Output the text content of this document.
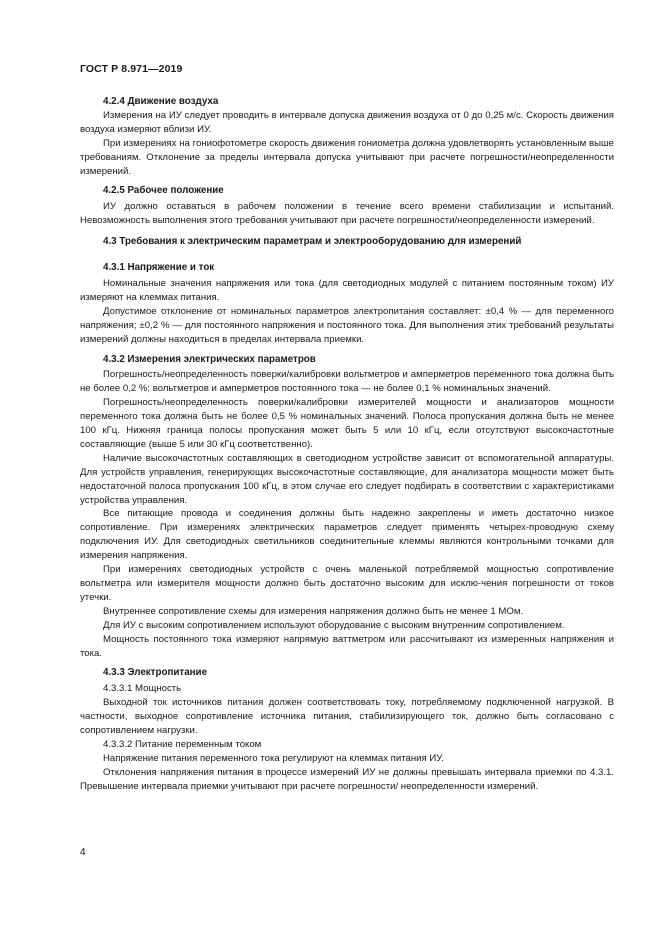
ГОСТ Р 8.971—2019
4.2.4 Движение воздуха

Измерения на ИУ следует проводить в интервале допуска движения воздуха от 0 до 0,25 м/с. Скорость движения воздуха измеряют вблизи ИУ.

При измерениях на гониофотометре скорость движения гониометра должна удовлетворять установленным выше требованиям. Отклонение за пределы интервала допуска учитывают при расчете погрешности/неопределенности измерений.

4.2.5 Рабочее положение

ИУ должно оставаться в рабочем положении в течение всего времени стабилизации и испытаний. Невозможность выполнения этого требования учитывают при расчете погрешности/неопределенности измерений.

4.3 Требования к электрическим параметрам и электрооборудованию для измерений
4.3.1 Напряжение и ток

Номинальные значения напряжения или тока (для светодиодных модулей с питанием постоянным током) ИУ измеряют на клеммах питания.

Допустимое отклонение от номинальных параметров электропитания составляет: ±0,4 % — для переменного напряжения; ±0,2 % — для постоянного напряжения и постоянного тока. Для выполнения этих требований результаты измерений должны находиться в пределах интервала приемки.

4.3.2 Измерения электрических параметров

Погрешность/неопределенность поверки/калибровки вольтметров и амперметров переменного тока должна быть не более 0,2 %; вольтметров и амперметров постоянного тока — не более 0,1 % номинальных значений.

Погрешность/неопределенность поверки/калибровки измерителей мощности и анализаторов мощности переменного тока должна быть не более 0,5 % номинальных значений. Полоса пропускания должна быть не менее 100 кГц. Нижняя граница полосы пропускания может быть 5 или 10 кГц, если отсутствуют высокочастотные составляющие (выше 5 или 30 кГц соответственно).

Наличие высокочастотных составляющих в светодиодном устройстве зависит от вспомогательной аппаратуры. Для устройств управления, генерирующих высокочастотные составляющие, для анализатора мощности может быть недостаточной полоса пропускания 100 кГц, в этом случае его следует подбирать в соответствии с характеристиками устройства управления.

Все питающие провода и соединения должны быть надежно закреплены и иметь достаточно низкое сопротивление. При измерениях электрических параметров следует применять четырех-проводную схему подключения ИУ. Для светодиодных светильников соединительные клеммы являются контрольными точками для измерения напряжения.

При измерениях светодиодных устройств с очень маленькой потребляемой мощностью сопротивление вольтметра или измерителя мощности должно быть достаточно высоким для исклю-чения погрешности от токов утечки.

Внутреннее сопротивление схемы для измерения напряжения должно быть не менее 1 МОм.

Для ИУ с высоким сопротивлением используют оборудование с высоким внутренним сопротивлением.

Мощность постоянного тока измеряют напрямую ваттметром или рассчитывают из измеренных напряжения и тока.

4.3.3 Электропитание

4.3.3.1 Мощность

Выходной ток источников питания должен соответствовать току, потребляемому подключенной нагрузкой. В частности, выходное сопротивление источника питания, стабилизирующего ток, должно быть согласовано с сопротивлением нагрузки.

4.3.3.2 Питание переменным током

Напряжение питания переменного тока регулируют на клеммах питания ИУ.

Отклонения напряжения питания в процессе измерений ИУ не должны превышать интервала приемки по 4.3.1. Превышение интервала приемки учитывают при расчете погрешности/ неопределенности измерений.

4
